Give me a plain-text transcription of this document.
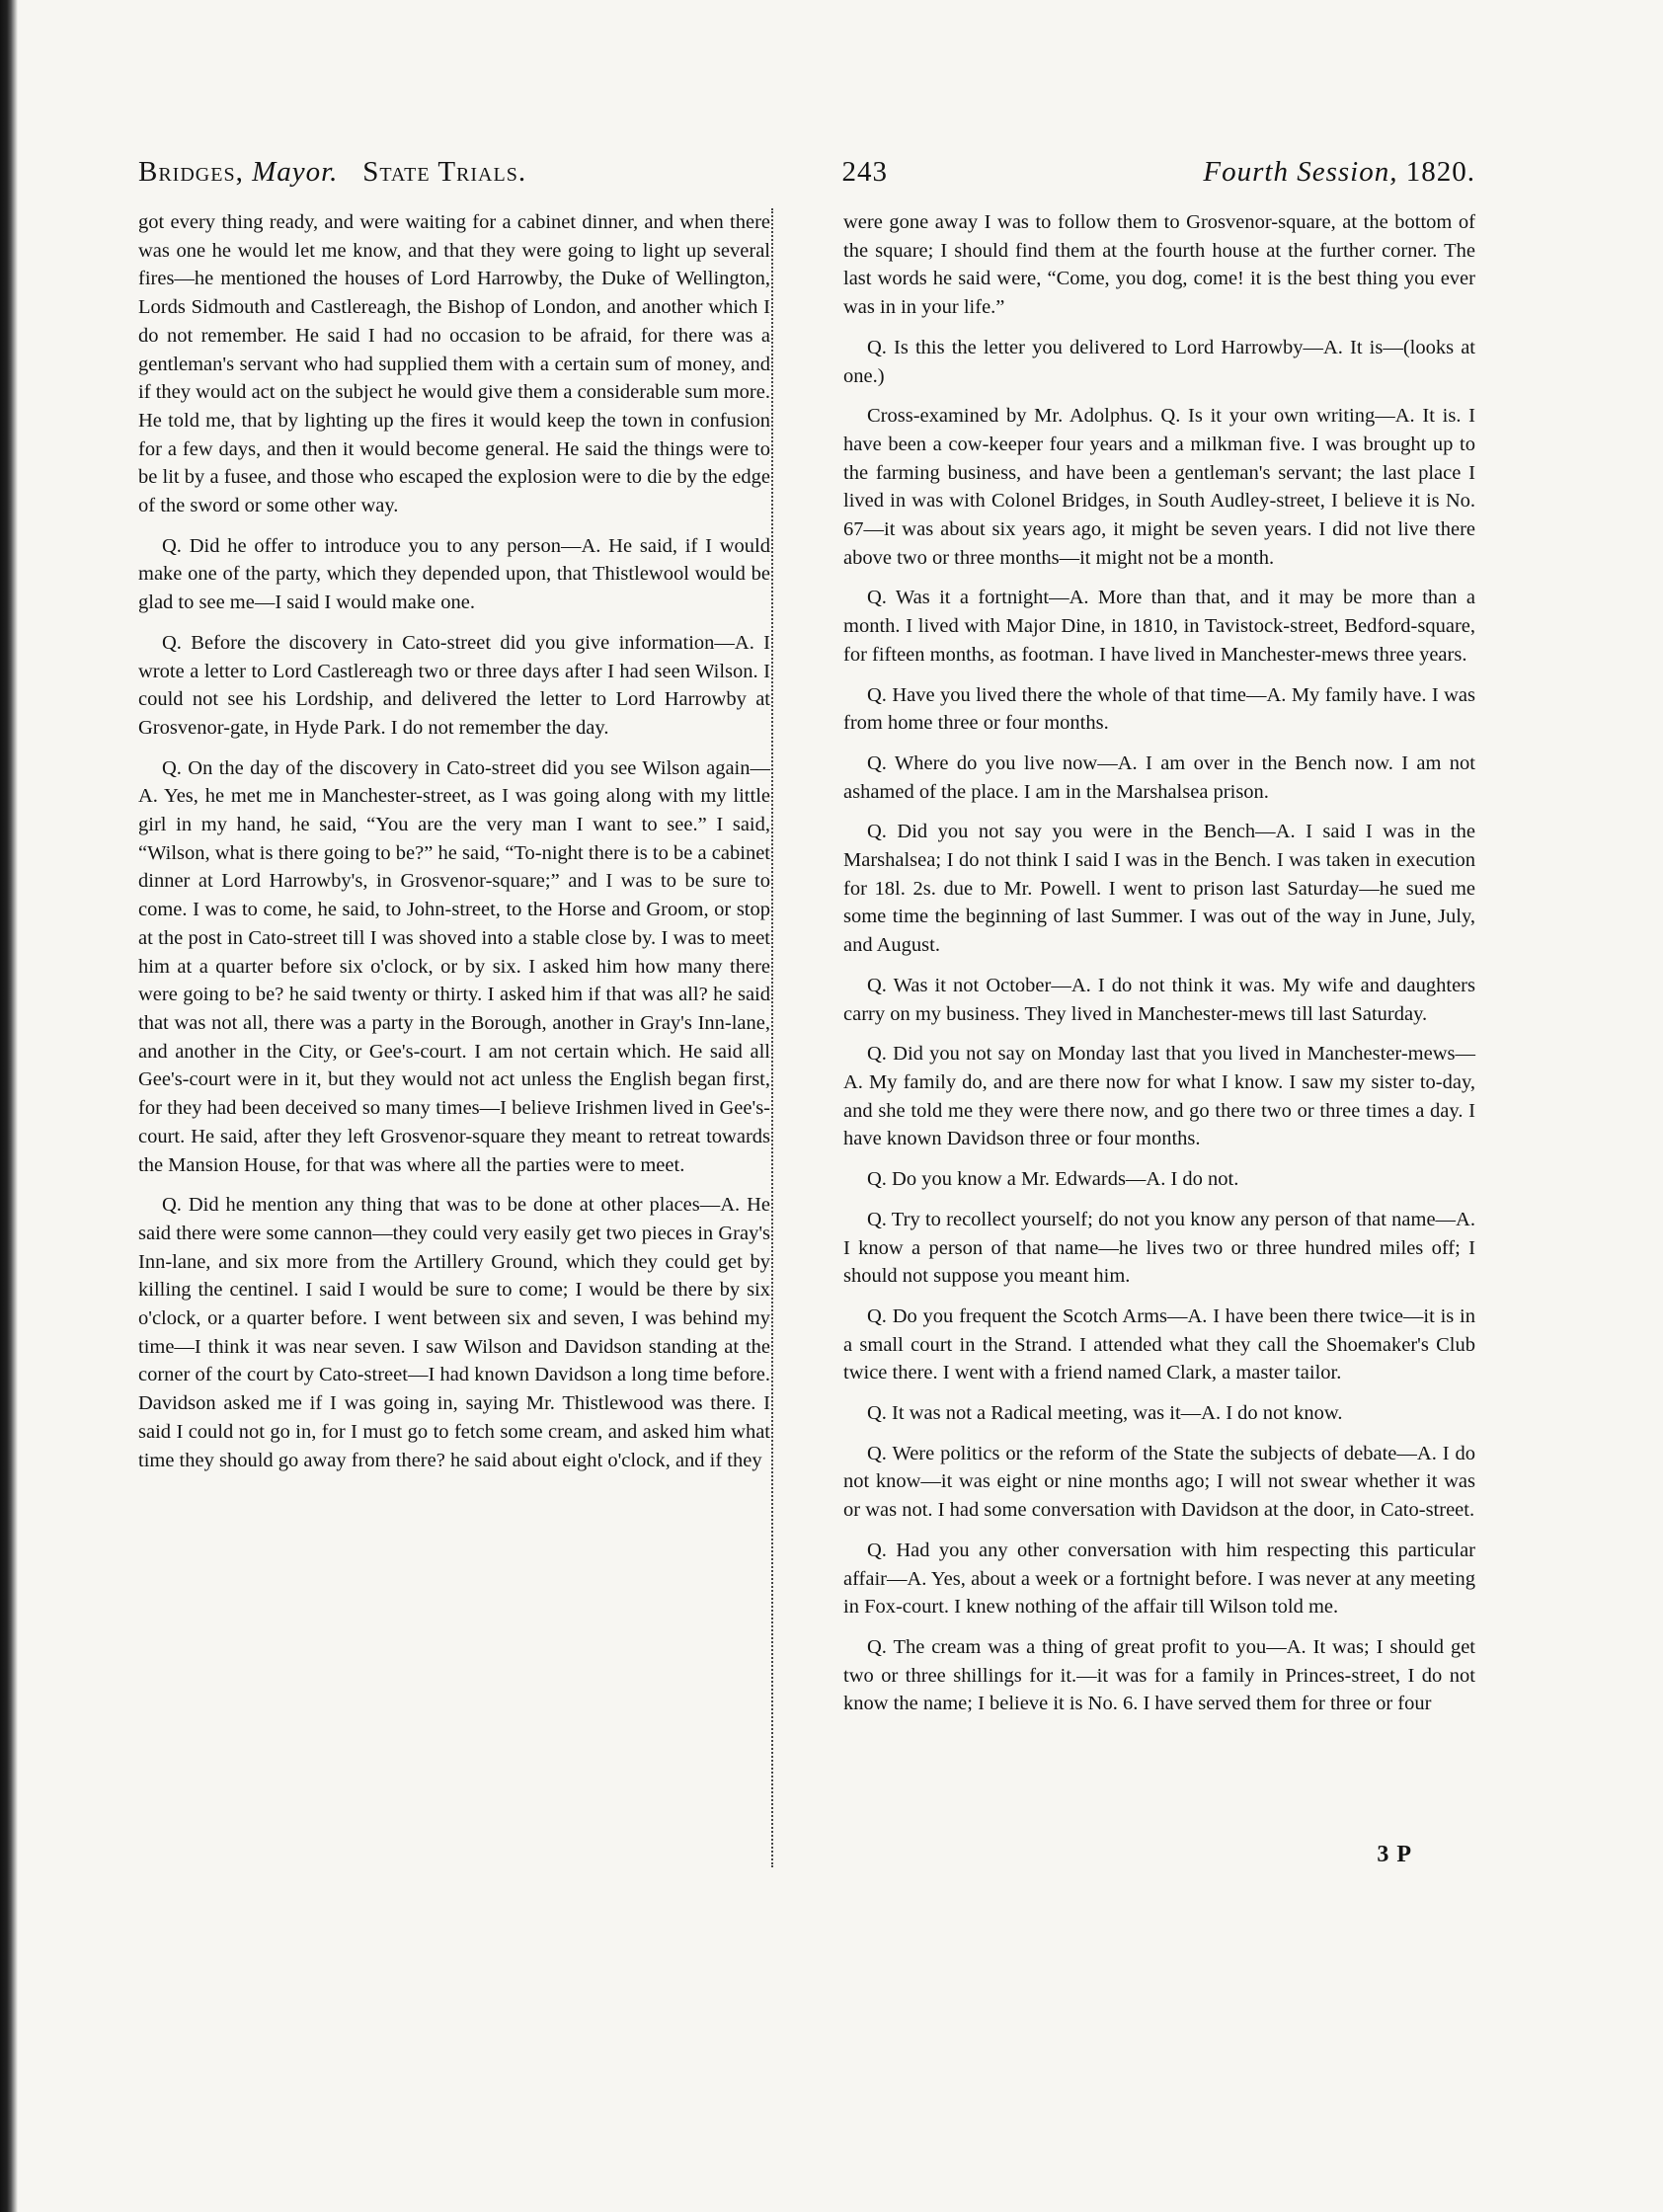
Bridges, Mayor. State Trials.	243	Fourth Session, 1820.

got every thing ready, and were waiting for a cabinet dinner, and when there was one he would let me know, and that they were going to light up several fires—he mentioned the houses of Lord Harrowby, the Duke of Wellington, Lords Sidmouth and Castlereagh, the Bishop of London, and another which I do not remember. He said I had no occasion to be afraid, for there was a gentleman's servant who had supplied them with a certain sum of money, and if they would act on the subject he would give them a considerable sum more. He told me, that by lighting up the fires it would keep the town in confusion for a few days, and then it would become general. He said the things were to be lit by a fusee, and those who escaped the explosion were to die by the edge of the sword or some other way.

Q. Did he offer to introduce you to any person—A. He said, if I would make one of the party, which they depended upon, that Thistlewool would be glad to see me—I said I would make one.

Q. Before the discovery in Cato-street did you give information—A. I wrote a letter to Lord Castlereagh two or three days after I had seen Wilson. I could not see his Lordship, and delivered the letter to Lord Harrowby at Grosvenor-gate, in Hyde Park. I do not remember the day.

Q. On the day of the discovery in Cato-street did you see Wilson again—A. Yes, he met me in Manchester-street, as I was going along with my little girl in my hand, he said, “You are the very man I want to see.” I said, “Wilson, what is there going to be?” he said, “To-night there is to be a cabinet dinner at Lord Harrowby's, in Grosvenor-square;” and I was to be sure to come. I was to come, he said, to John-street, to the Horse and Groom, or stop at the post in Cato-street till I was shoved into a stable close by. I was to meet him at a quarter before six o'clock, or by six. I asked him how many there were going to be? he said twenty or thirty. I asked him if that was all? he said that was not all, there was a party in the Borough, another in Gray's Inn-lane, and another in the City, or Gee's-court. I am not certain which. He said all Gee's-court were in it, but they would not act unless the English began first, for they had been deceived so many times—I believe Irishmen lived in Gee's-court. He said, after they left Grosvenor-square they meant to retreat towards the Mansion House, for that was where all the parties were to meet.

Q. Did he mention any thing that was to be done at other places—A. He said there were some cannon—they could very easily get two pieces in Gray's Inn-lane, and six more from the Artillery Ground, which they could get by killing the centinel. I said I would be sure to come; I would be there by six o'clock, or a quarter before. I went between six and seven, I was behind my time—I think it was near seven. I saw Wilson and Davidson standing at the corner of the court by Cato-street—I had known Davidson a long time before. Davidson asked me if I was going in, saying Mr. Thistlewood was there. I said I could not go in, for I must go to fetch some cream, and asked him what time they should go away from there? he said about eight o'clock, and if they

were gone away I was to follow them to Grosvenor-square, at the bottom of the square; I should find them at the fourth house at the further corner. The last words he said were, “Come, you dog, come! it is the best thing you ever was in in your life.”

Q. Is this the letter you delivered to Lord Harrowby—A. It is—(looks at one.)

Cross-examined by Mr. Adolphus. Q. Is it your own writing—A. It is. I have been a cow-keeper four years and a milkman five. I was brought up to the farming business, and have been a gentleman's servant; the last place I lived in was with Colonel Bridges, in South Audley-street, I believe it is No. 67—it was about six years ago, it might be seven years. I did not live there above two or three months—it might not be a month.

Q. Was it a fortnight—A. More than that, and it may be more than a month. I lived with Major Dine, in 1810, in Tavistock-street, Bedford-square, for fifteen months, as footman. I have lived in Manchester-mews three years.

Q. Have you lived there the whole of that time—A. My family have. I was from home three or four months.

Q. Where do you live now—A. I am over in the Bench now. I am not ashamed of the place. I am in the Marshalsea prison.

Q. Did you not say you were in the Bench—A. I said I was in the Marshalsea; I do not think I said I was in the Bench. I was taken in execution for 18l. 2s. due to Mr. Powell. I went to prison last Saturday—he sued me some time the beginning of last Summer. I was out of the way in June, July, and August.

Q. Was it not October—A. I do not think it was. My wife and daughters carry on my business. They lived in Manchester-mews till last Saturday.

Q. Did you not say on Monday last that you lived in Manchester-mews—A. My family do, and are there now for what I know. I saw my sister to-day, and she told me they were there now, and go there two or three times a day. I have known Davidson three or four months.

Q. Do you know a Mr. Edwards—A. I do not.

Q. Try to recollect yourself; do not you know any person of that name—A. I know a person of that name—he lives two or three hundred miles off; I should not suppose you meant him.

Q. Do you frequent the Scotch Arms—A. I have been there twice—it is in a small court in the Strand. I attended what they call the Shoemaker's Club twice there. I went with a friend named Clark, a master tailor.

Q. It was not a Radical meeting, was it—A. I do not know.

Q. Were politics or the reform of the State the subjects of debate—A. I do not know—it was eight or nine months ago; I will not swear whether it was or was not. I had some conversation with Davidson at the door, in Cato-street.

Q. Had you any other conversation with him respecting this particular affair—A. Yes, about a week or a fortnight before. I was never at any meeting in Fox-court. I knew nothing of the affair till Wilson told me.

Q. The cream was a thing of great profit to you—A. It was; I should get two or three shillings for it.—it was for a family in Princes-street, I do not know the name; I believe it is No. 6. I have served them for three or four

3 P
